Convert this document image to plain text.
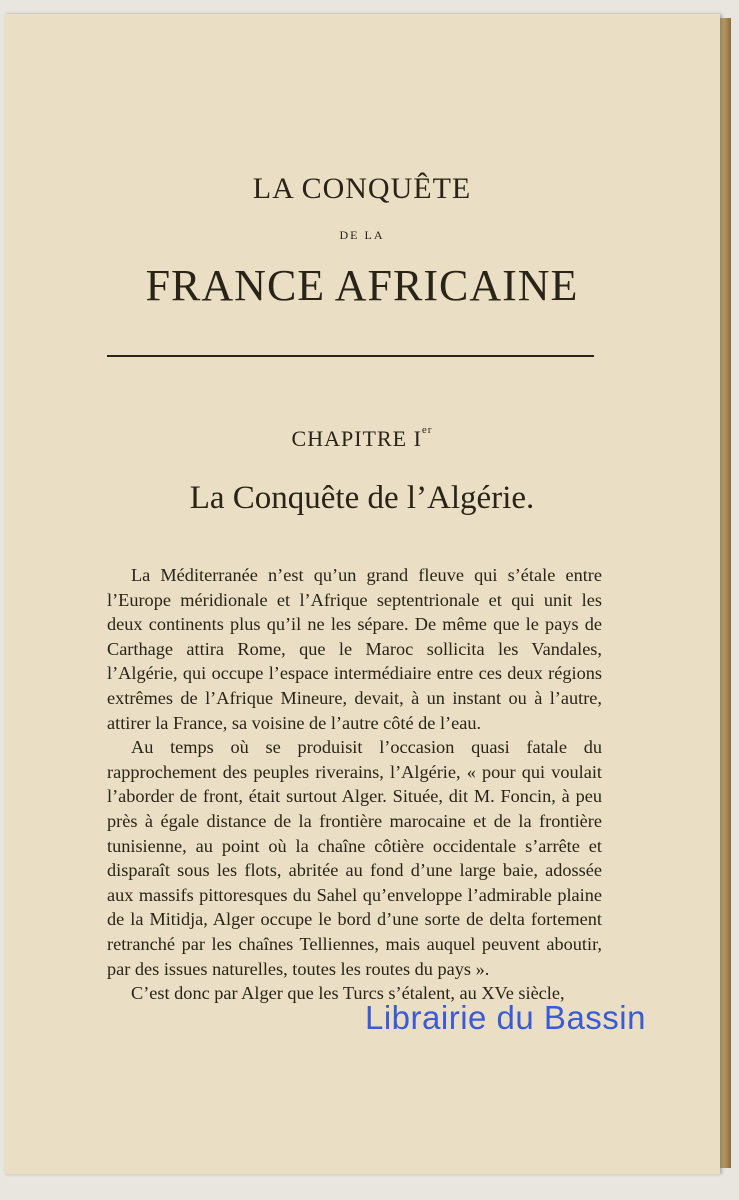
LA CONQUÊTE
DE LA
FRANCE AFRICAINE
CHAPITRE Ier
La Conquête de l’Algérie.

La Méditerranée n’est qu’un grand fleuve qui s’étale entre l’Europe méridionale et l’Afrique septentrionale et qui unit les deux continents plus qu’il ne les sépare. De même que le pays de Carthage attira Rome, que le Maroc sollicita les Vandales, l’Algérie, qui occupe l’espace intermédiaire entre ces deux régions extrêmes de l’Afrique Mineure, devait, à un instant ou à l’autre, attirer la France, sa voisine de l’autre côté de l’eau.

Au temps où se produisit l’occasion quasi fatale du rapprochement des peuples riverains, l’Algérie, « pour qui voulait l’aborder de front, était surtout Alger. Située, dit M. Foncin, à peu près à égale distance de la frontière marocaine et de la frontière tunisienne, au point où la chaîne côtière occidentale s’arrête et disparaît sous les flots, abritée au fond d’une large baie, adossée aux massifs pittoresques du Sahel qu’enveloppe l’admirable plaine de la Mitidja, Alger occupe le bord d’une sorte de delta fortement retranché par les chaînes Telliennes, mais auquel peuvent aboutir, par des issues naturelles, toutes les routes du pays ».

C’est donc par Alger que les Turcs s’étalent, au XVe siècle,

Librairie du Bassin
